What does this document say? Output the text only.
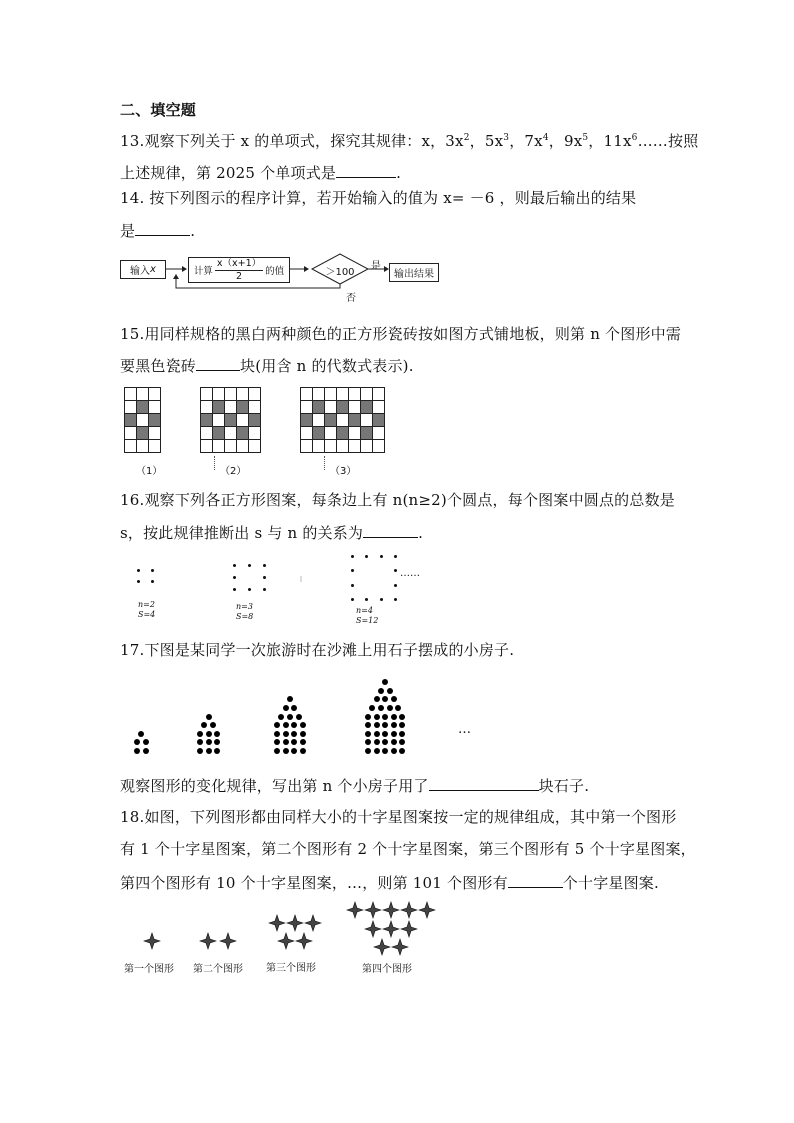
二、填空题
13.观察下列关于 x 的单项式，探究其规律：x，$3x^2$，$5x^3$，$7x^4$，$9x^5$，$11x^6\dots\dots$按照
上述规律，第 2025 个单项式是	.
14. 按下列图示的程序计算，若开始输入的值为 x= －6 ，则最后输出的结果
是	.
输入 x	计算 $\frac{x(x+1)}{2}$ 的值	＞100
是
否
输出结果
15.用同样规格的黑白两种颜色的正方形瓷砖按如图方式铺地板，则第 n 个图形中需
要黑色瓷砖	块(用含 n 的代数式表示).
（1）	（2）	（3）
16.观察下列各正方形图案，每条边上有 n(n≥2)个圆点，每个图案中圆点的总数是
s，按此规律推断出 s 与 n 的关系为	.
……
n=2
S=4
n=3
S=8
n=4
S=12
17.下图是某同学一次旅游时在沙滩上用石子摆成的小房子.
…
观察图形的变化规律，写出第 n 个小房子用了	块石子.
18.如图，下列图形都由同样大小的十字星图案按一定的规律组成，其中第一个图形
有 1 个十字星图案，第二个图形有 2 个十字星图案，第三个图形有 5 个十字星图案，
第四个图形有 10 个十字星图案，…，则第 101 个图形有	个十字星图案.
第一个图形 第二个图形 第三个图形	第四个图形
